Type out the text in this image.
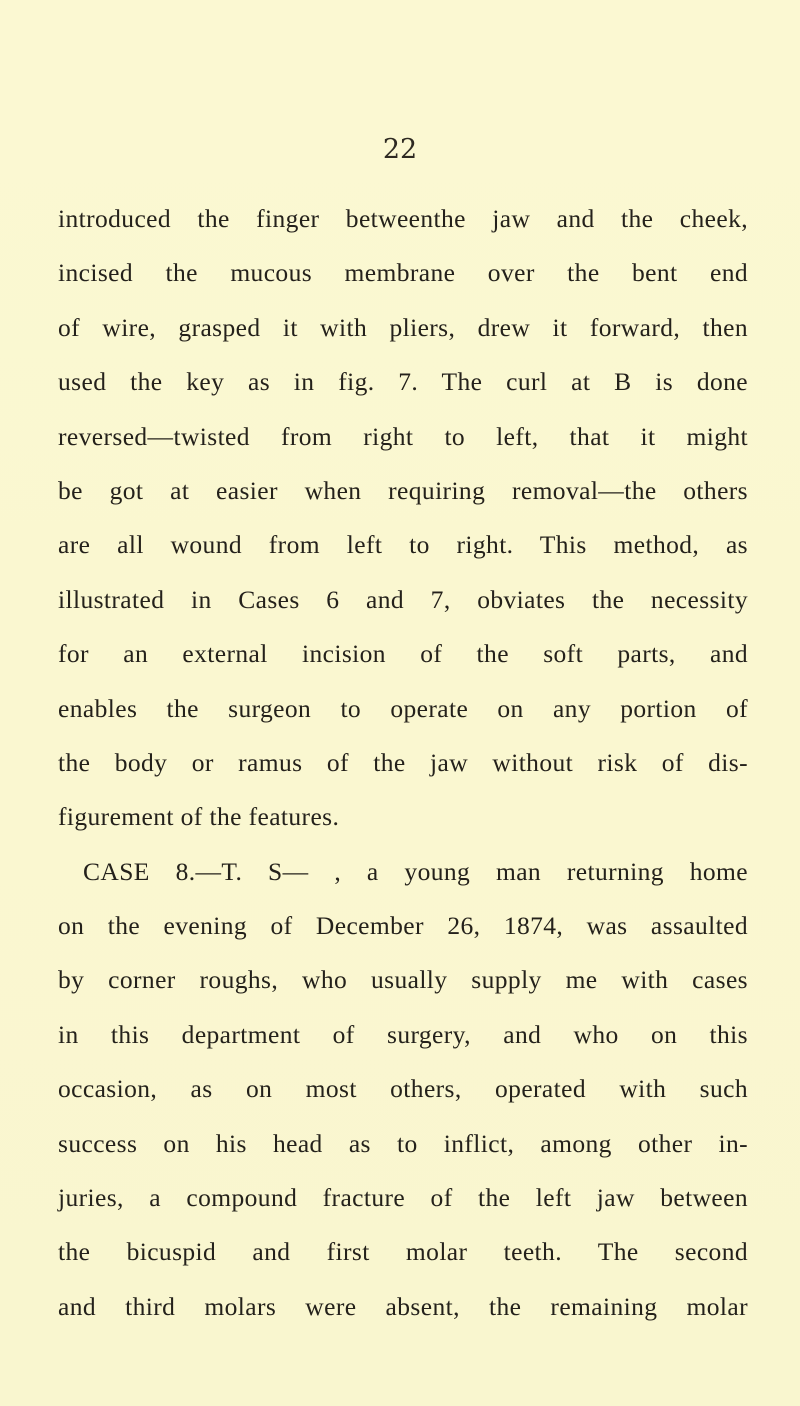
22
introduced the finger betweenthe jaw and the cheek,
incised the mucous membrane over the bent end
of wire, grasped it with pliers, drew it forward, then
used the key as in fig. 7. The curl at B is done
reversed—twisted from right to left, that it might
be got at easier when requiring removal—the others
are all wound from left to right. This method, as
illustrated in Cases 6 and 7, obviates the necessity
for an external incision of the soft parts, and
enables the surgeon to operate on any portion of
the body or ramus of the jaw without risk of dis-
figurement of the features.
CASE 8.—T. S— , a young man returning home
on the evening of December 26, 1874, was assaulted
by corner roughs, who usually supply me with cases
in this department of surgery, and who on this
occasion, as on most others, operated with such
success on his head as to inflict, among other in-
juries, a compound fracture of the left jaw between
the bicuspid and first molar teeth. The second
and third molars were absent, the remaining molar
